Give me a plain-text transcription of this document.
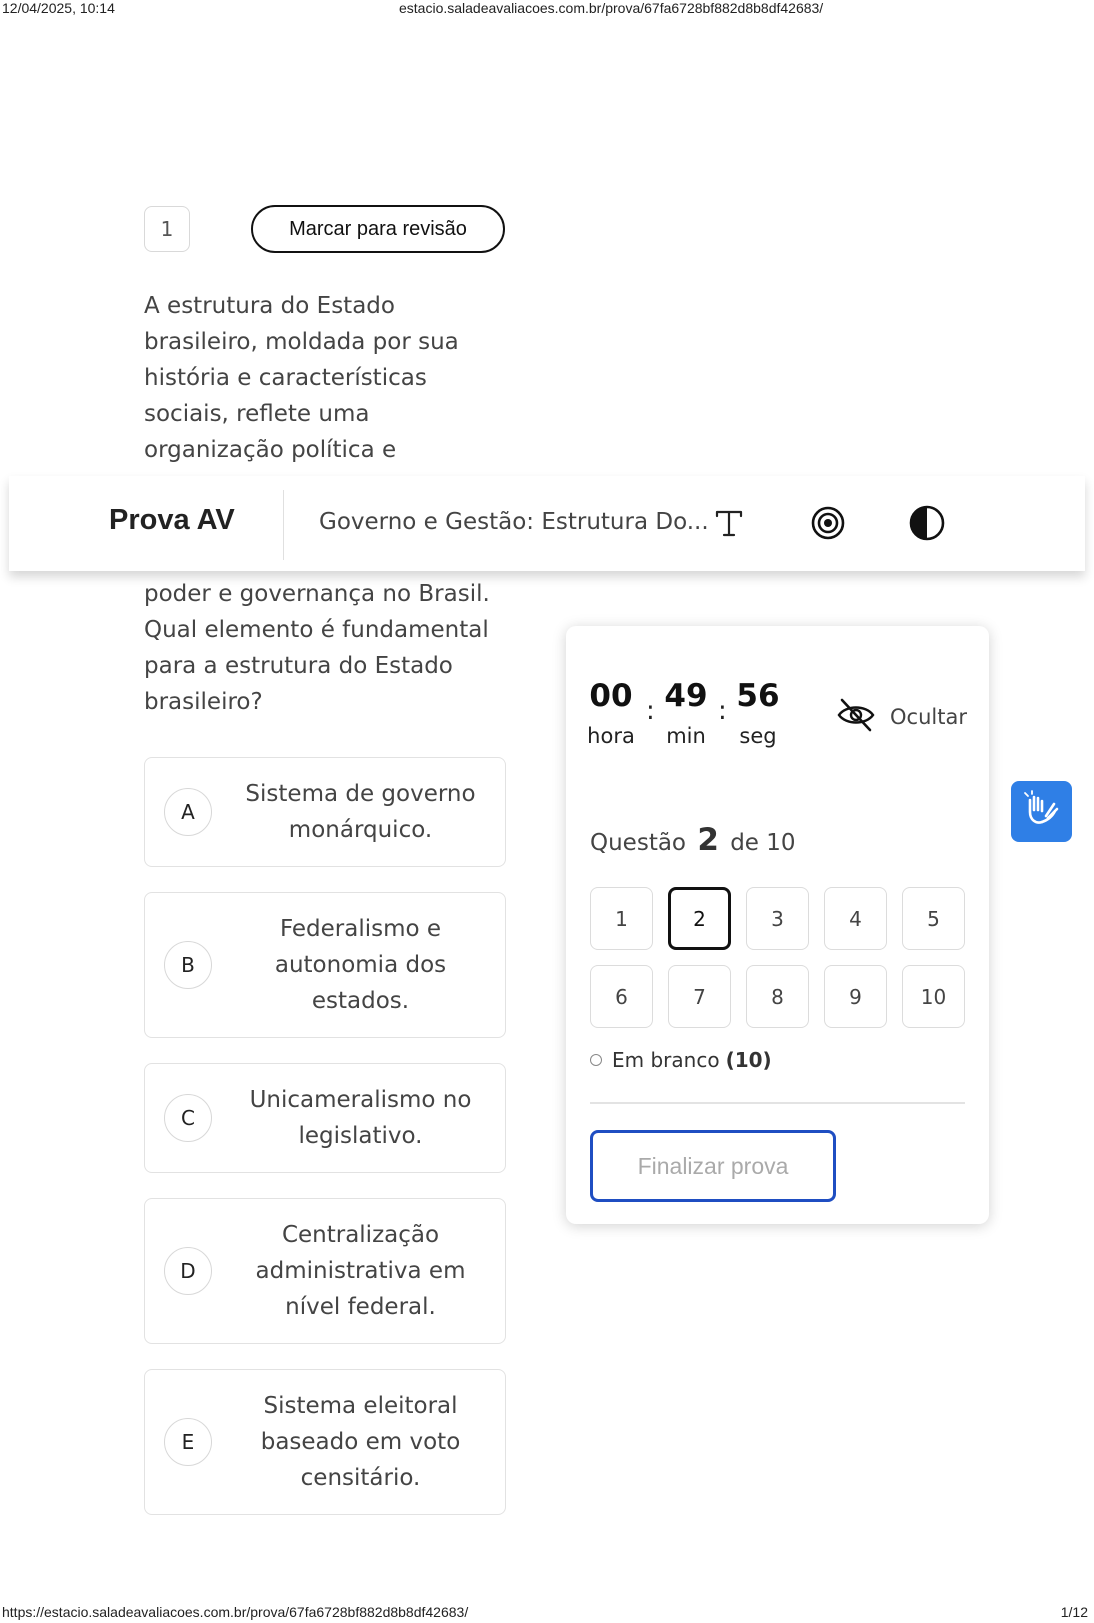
12/04/2025, 10:14	estacio.saladeavaliacoes.com.br/prova/67fa6728bf882d8b8df42683/
1	Marcar para revisão
A estrutura do Estado brasileiro, moldada por sua história e características sociais, reflete uma organização política e
poder e governança no Brasil. Qual elemento é fundamental para a estrutura do Estado brasileiro?
Prova AV	Governo e Gestão: Estrutura Do...
A
Sistema de governo monárquico.
B
Federalismo e autonomia dos estados.
C
Unicameralismo no legislativo.
D
Centralização administrativa em nível federal.
E
Sistema eleitoral baseado em voto censitário.
00 : 49 : 56
hora	min	seg
Ocultar
Questão 2 de 10
1	2	3	4	5
6	7	8	9	10
Em branco (10)
Finalizar prova
https://estacio.saladeavaliacoes.com.br/prova/67fa6728bf882d8b8df42683/	1/12
